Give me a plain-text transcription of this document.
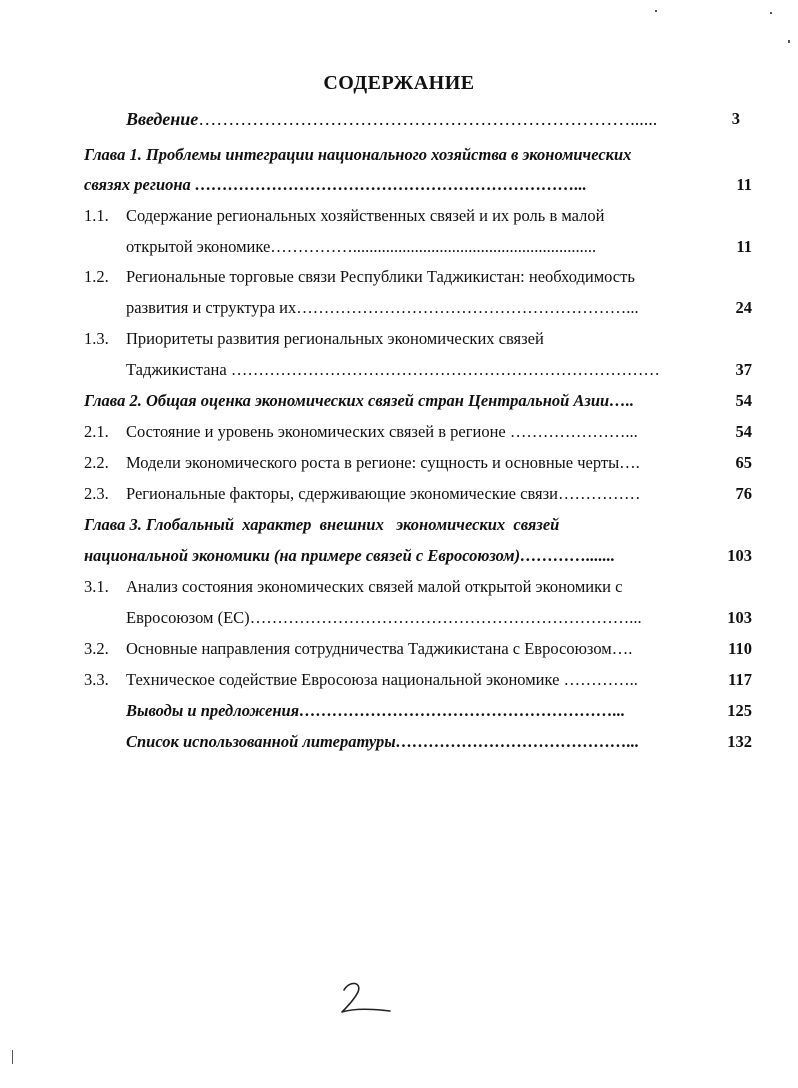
СОДЕРЖАНИЕ
Введение………………………………………………………………......	3
Глава 1. Проблемы интеграции национального хозяйства в экономических
связях региона ……………………………………………………………...	11
1.1. Содержание региональных хозяйственных связей и их роль в малой
открытой экономике……………...........................................................	11
1.2. Региональные торговые связи Республики Таджикистан: необходимость
развития и структура их……………………………………………………...	24
1.3. Приоритеты развития региональных экономических связей
Таджикистана ……………………………………………………………………	37
Глава 2. Общая оценка экономических связей стран Центральной Азии…..	54
2.1. Состояние и уровень экономических связей в регионе …………………...	54
2.2. Модели экономического роста в регионе: сущность и основные черты….	65
2.3. Региональные факторы, сдерживающие экономические связи……………	76
Глава 3. Глобальный  характер  внешних   экономических  связей
национальной экономики (на примере связей с Евросоюзом)………….......	103
3.1. Анализ состояния экономических связей малой открытой экономики с
Евросоюзом (ЕС)……………………………………………………………...	103
3.2. Основные направления сотрудничества Таджикистана с Евросоюзом….	110
3.3. Техническое содействие Евросоюза национальной экономике …………..	117
Выводы и предложения…………………………………………………...	125
Список использованной литературы……………………………………...	132
